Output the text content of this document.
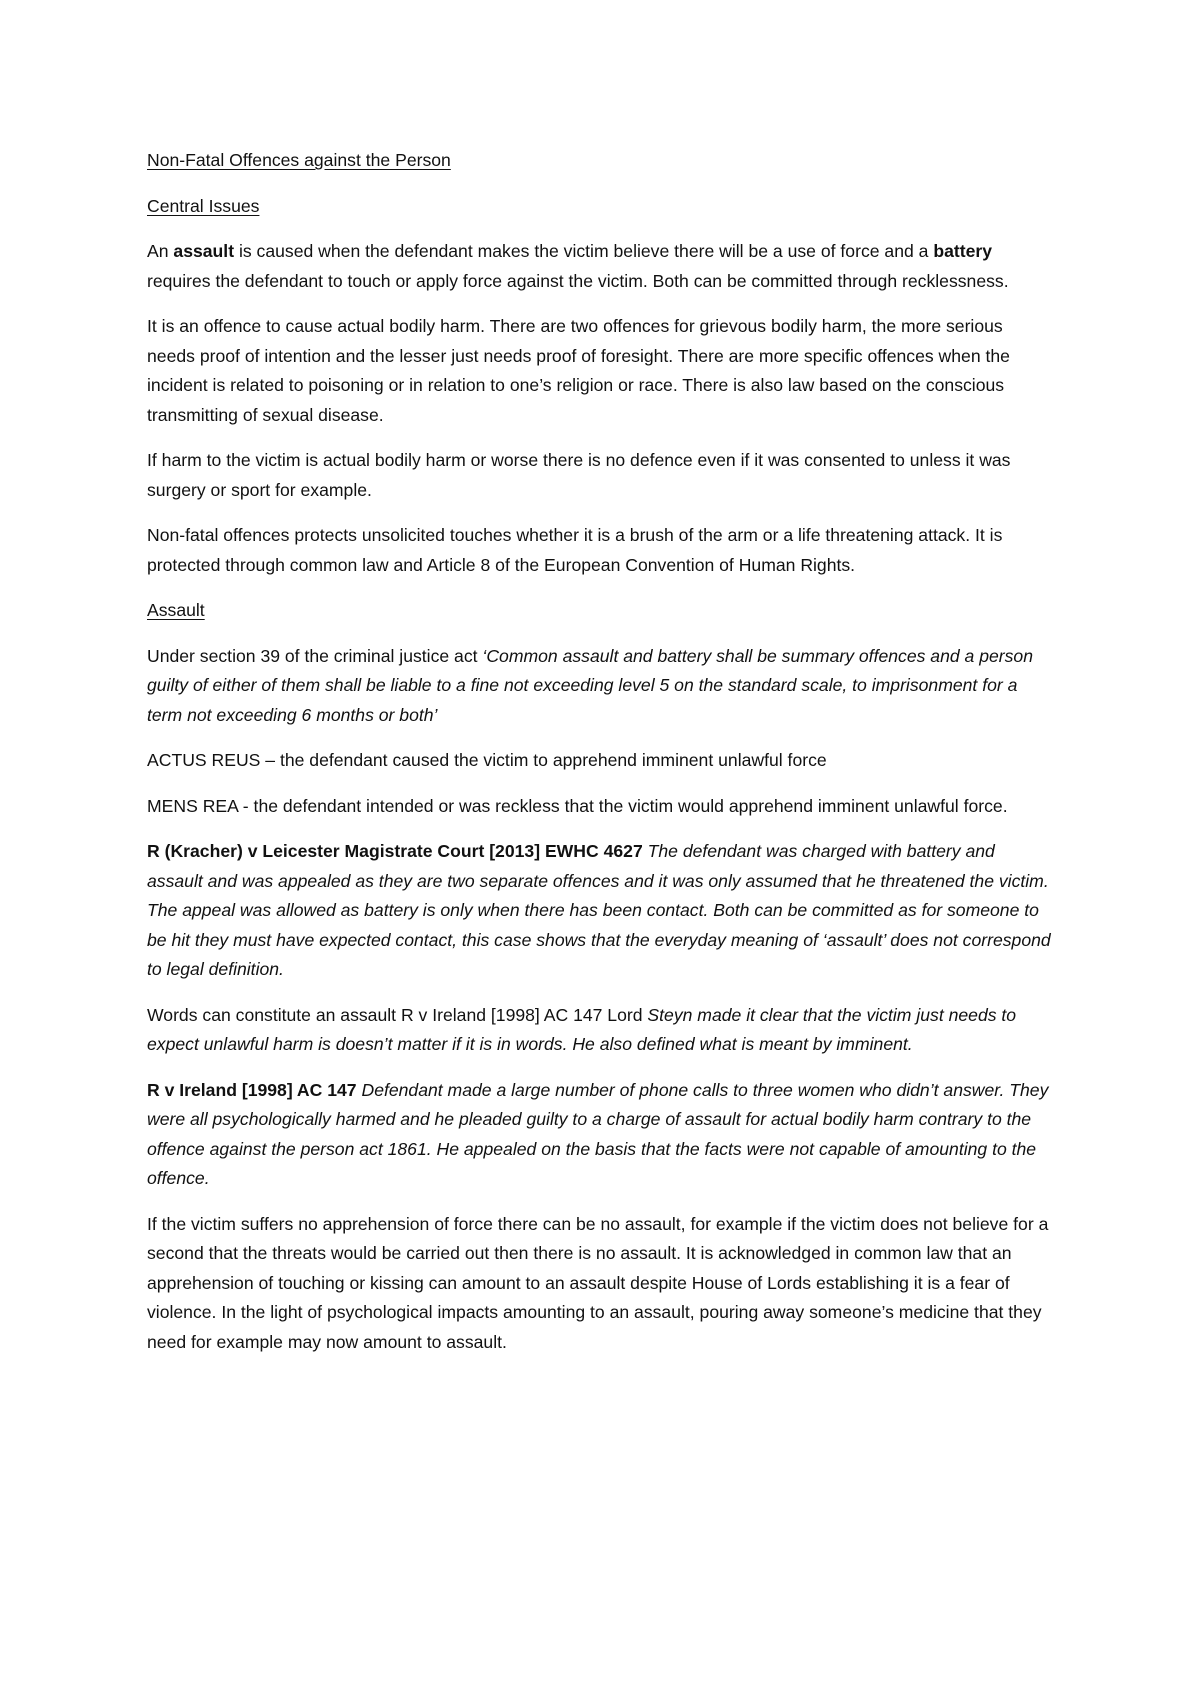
Non-Fatal Offences against the Person

Central Issues

An assault is caused when the defendant makes the victim believe there will be a use of force and a battery requires the defendant to touch or apply force against the victim. Both can be committed through recklessness.

It is an offence to cause actual bodily harm. There are two offences for grievous bodily harm, the more serious needs proof of intention and the lesser just needs proof of foresight. There are more specific offences when the incident is related to poisoning or in relation to one’s religion or race. There is also law based on the conscious transmitting of sexual disease.

If harm to the victim is actual bodily harm or worse there is no defence even if it was consented to unless it was surgery or sport for example.

Non-fatal offences protects unsolicited touches whether it is a brush of the arm or a life threatening attack. It is protected through common law and Article 8 of the European Convention of Human Rights.

Assault

Under section 39 of the criminal justice act ‘Common assault and battery shall be summary offences and a person guilty of either of them shall be liable to a fine not exceeding level 5 on the standard scale, to imprisonment for a term not exceeding 6 months or both’

ACTUS REUS – the defendant caused the victim to apprehend imminent unlawful force

MENS REA - the defendant intended or was reckless that the victim would apprehend imminent unlawful force.

R (Kracher) v Leicester Magistrate Court [2013] EWHC 4627 The defendant was charged with battery and assault and was appealed as they are two separate offences and it was only assumed that he threatened the victim. The appeal was allowed as battery is only when there has been contact. Both can be committed as for someone to be hit they must have expected contact, this case shows that the everyday meaning of ‘assault’ does not correspond to legal definition.

Words can constitute an assault R v Ireland [1998] AC 147 Lord Steyn made it clear that the victim just needs to expect unlawful harm is doesn’t matter if it is in words. He also defined what is meant by imminent.

R v Ireland [1998] AC 147 Defendant made a large number of phone calls to three women who didn’t answer. They were all psychologically harmed and he pleaded guilty to a charge of assault for actual bodily harm contrary to the offence against the person act 1861. He appealed on the basis that the facts were not capable of amounting to the offence.

If the victim suffers no apprehension of force there can be no assault, for example if the victim does not believe for a second that the threats would be carried out then there is no assault. It is acknowledged in common law that an apprehension of touching or kissing can amount to an assault despite House of Lords establishing it is a fear of violence. In the light of psychological impacts amounting to an assault, pouring away someone’s medicine that they need for example may now amount to assault.
